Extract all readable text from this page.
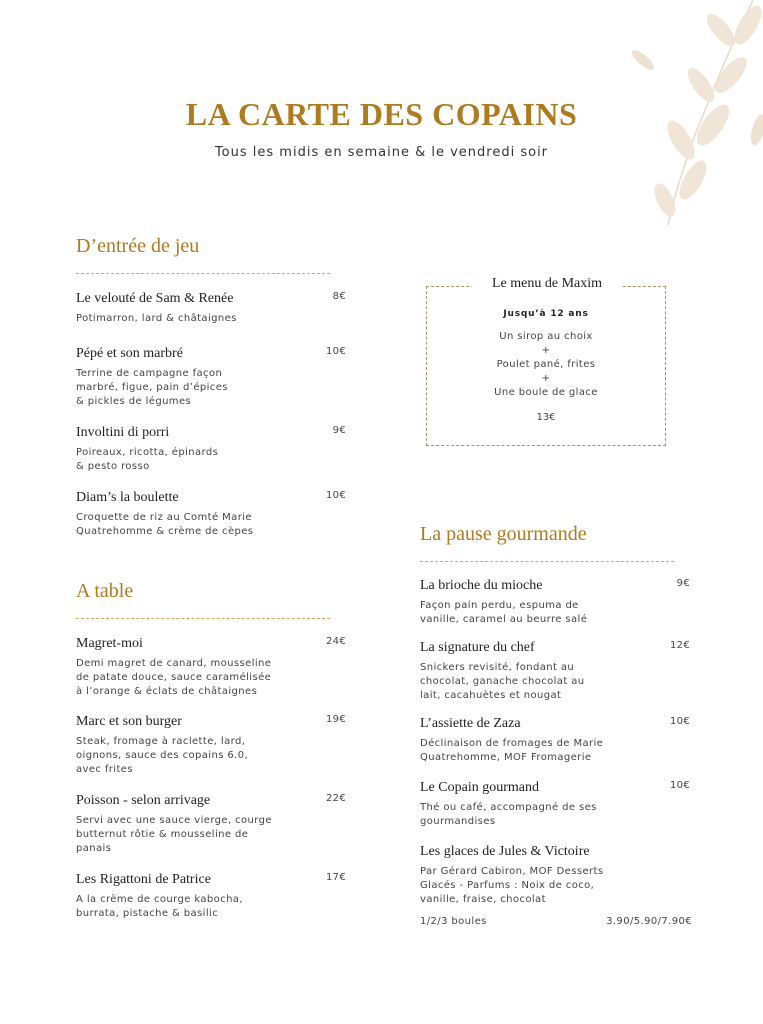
LA CARTE DES COPAINS
Tous les midis en semaine & le vendredi soir
D’entrée de jeu
Le velouté de Sam & Renée
Potimarron, lard & châtaignes
8€
Pépé et son marbré
Terrine de campagne façon
marbré, figue, pain d’épices
& pickles de légumes
10€
Involtini di porri
Poireaux, ricotta, épinards
& pesto rosso
9€
Diam’s la boulette
Croquette de riz au Comté Marie
Quatrehomme & crème de cèpes
10€
A table
Magret-moi
Demi magret de canard, mousseline
de patate douce, sauce caramélisée
à l’orange & éclats de châtaignes
24€
Marc et son burger
Steak, fromage à raclette, lard,
oignons, sauce des copains 6.0,
avec frites
19€
Poisson - selon arrivage
Servi avec une sauce vierge, courge
butternut rôtie & mousseline de
panais
22€
Les Rigattoni de Patrice
A la crème de courge kabocha,
burrata, pistache & basilic
17€
Le menu de Maxim
Jusqu’à 12 ans
Un sirop au choix
+
Poulet pané, frites
+
Une boule de glace
13€
La pause gourmande
La brioche du mioche
Façon pain perdu, espuma de
vanille, caramel au beurre salé
9€
La signature du chef
Snickers revisité, fondant au
chocolat, ganache chocolat au
lait, cacahuètes et nougat
12€
L’assiette de Zaza
Déclinaison de fromages de Marie
Quatrehomme, MOF Fromagerie
10€
Le Copain gourmand
Thé ou café, accompagné de ses
gourmandises
10€
Les glaces de Jules & Victoire
Par Gérard Cabiron, MOF Desserts
Glacés - Parfums : Noix de coco,
vanille, fraise, chocolat
1/2/3 boules	3.90/5.90/7.90€
